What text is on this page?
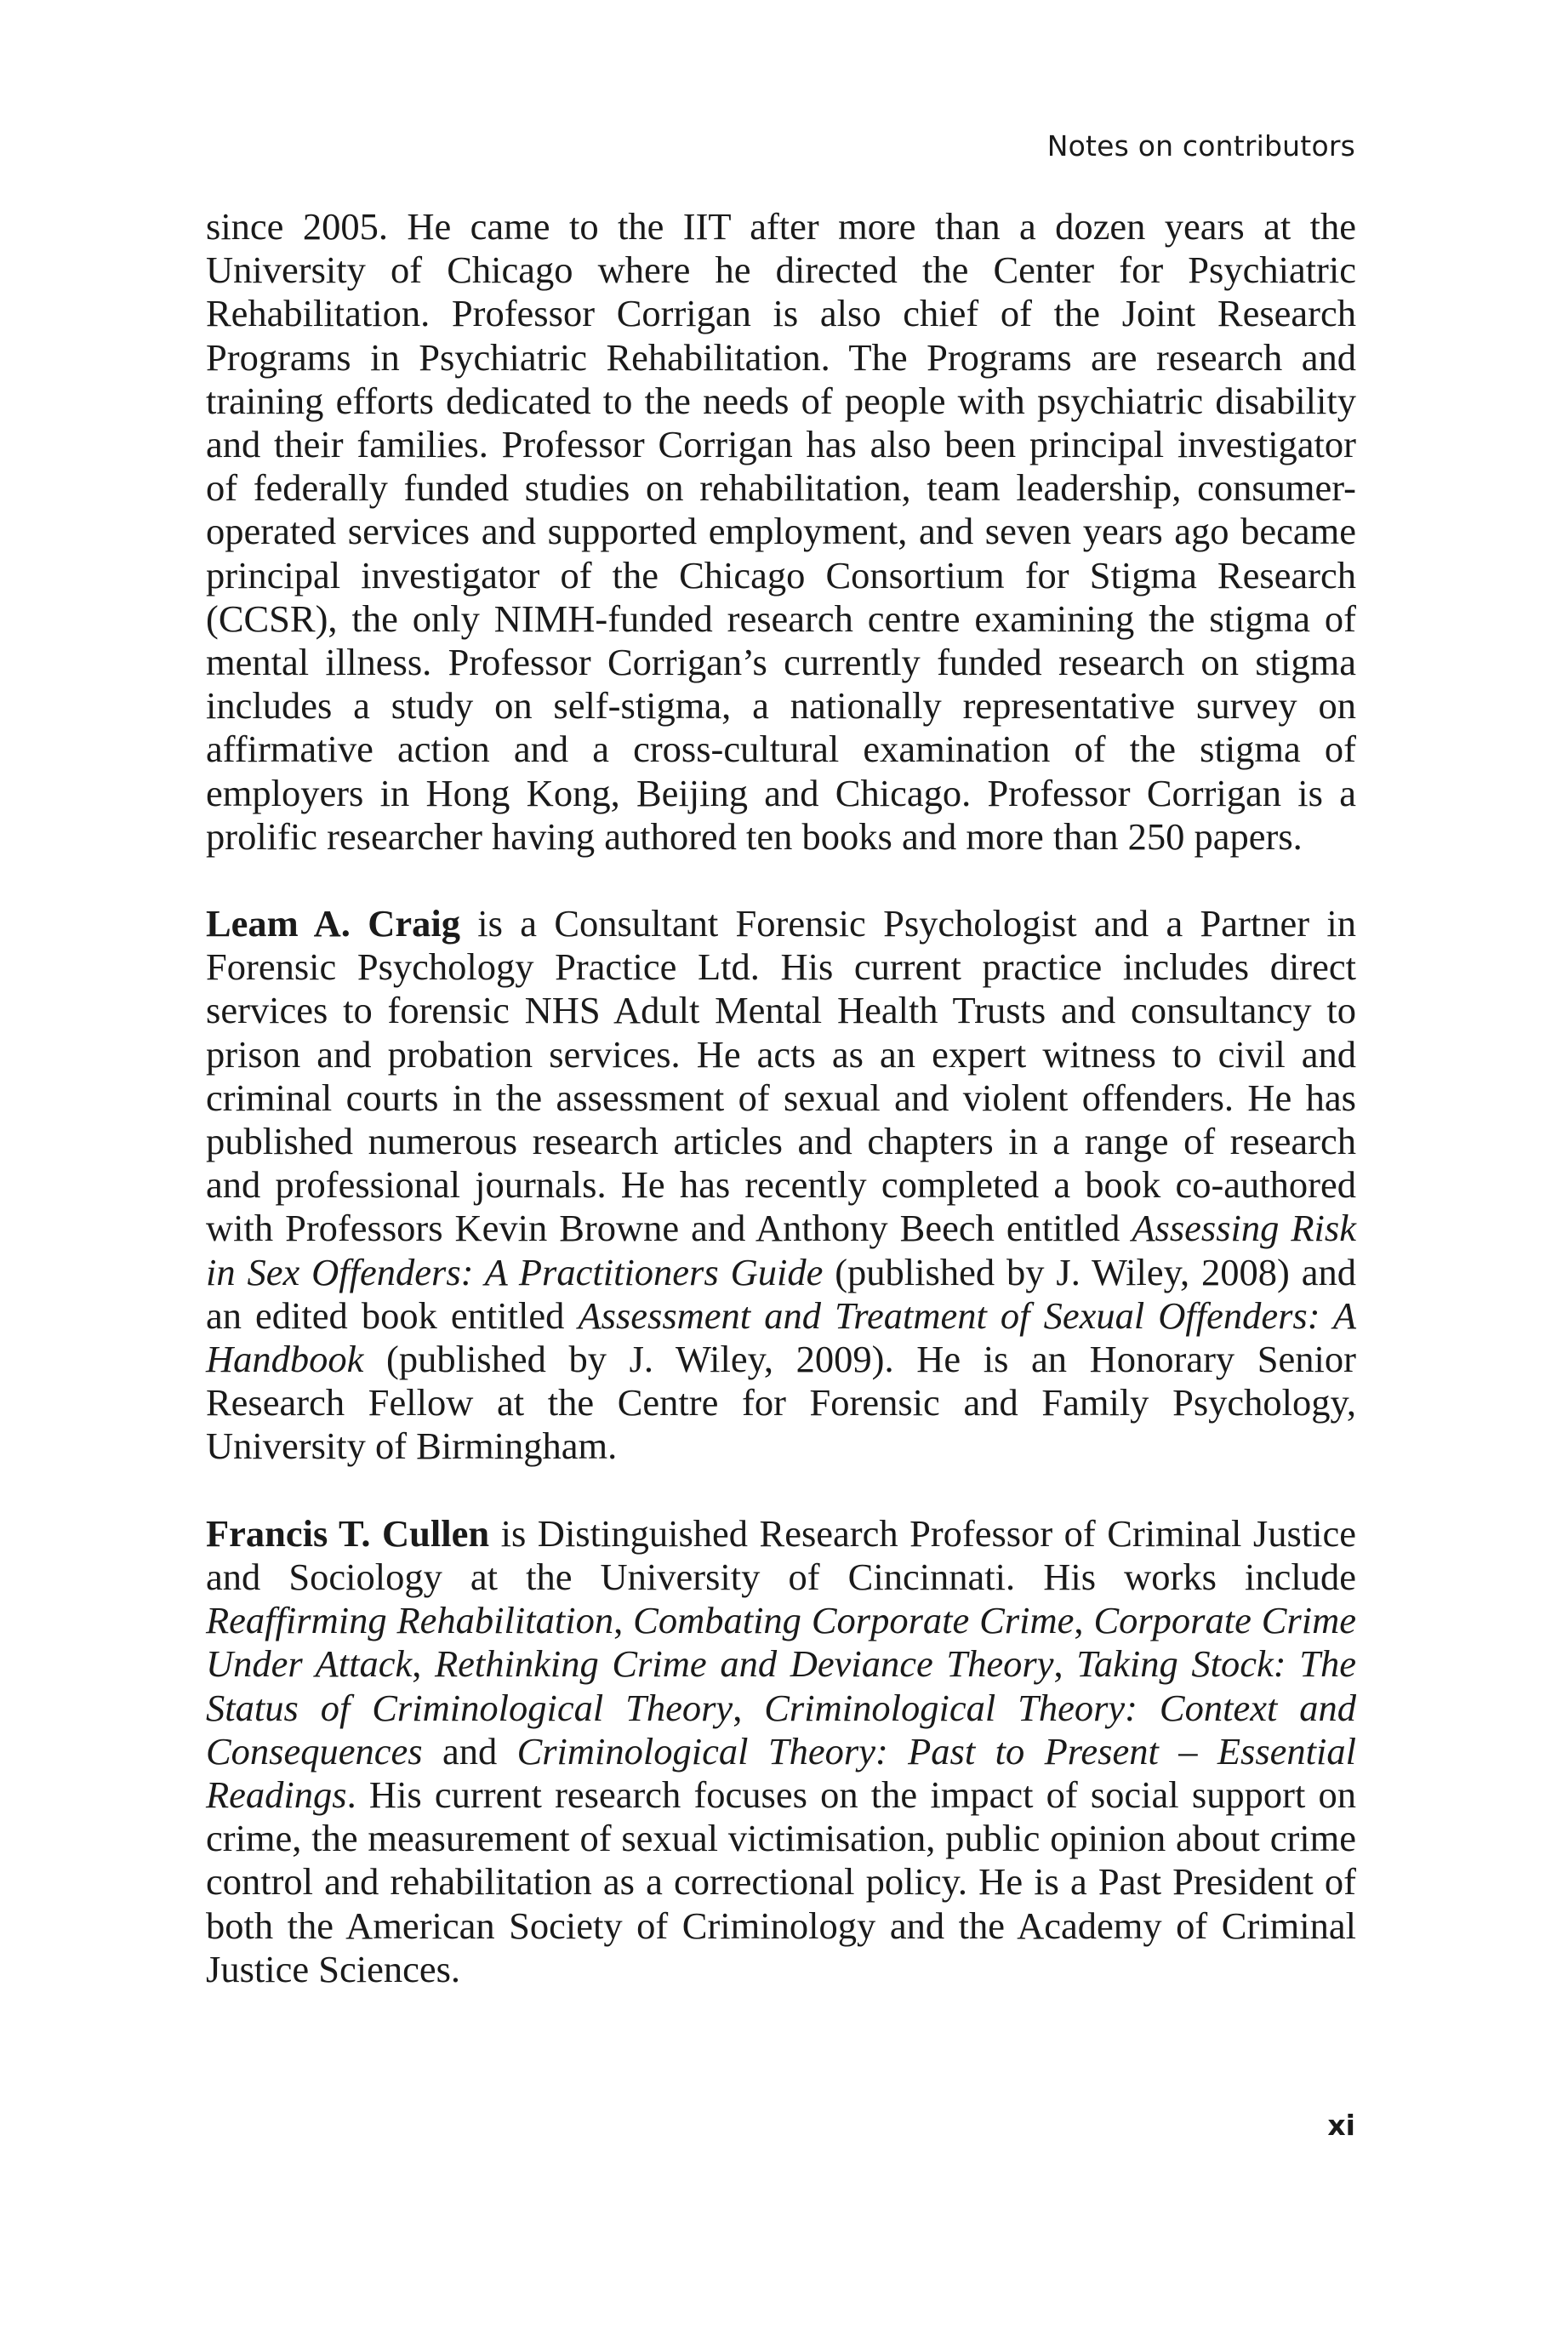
Notes on contributors

since 2005. He came to the IIT after more than a dozen years at the University of Chicago where he directed the Center for Psychiatric Rehabilitation. Professor Corrigan is also chief of the Joint Research Programs in Psychiatric Rehabilitation. The Programs are research and training efforts dedicated to the needs of people with psychiatric disability and their families. Professor Corrigan has also been principal investigator of federally funded studies on rehabilitation, team leadership, consumer-operated services and supported employment, and seven years ago became principal investigator of the Chicago Consortium for Stigma Research (CCSR), the only NIMH-funded research centre examining the stigma of mental illness. Professor Corrigan’s currently funded research on stigma includes a study on self-stigma, a nationally representative survey on affirmative action and a cross-cultural examination of the stigma of employers in Hong Kong, Beijing and Chicago. Professor Corrigan is a prolific researcher having authored ten books and more than 250 papers.

Leam A. Craig is a Consultant Forensic Psychologist and a Partner in Forensic Psychology Practice Ltd. His current practice includes direct services to forensic NHS Adult Mental Health Trusts and consultancy to prison and probation services. He acts as an expert witness to civil and criminal courts in the assessment of sexual and violent offenders. He has published numerous research articles and chapters in a range of research and professional journals. He has recently completed a book co-authored with Professors Kevin Browne and Anthony Beech entitled Assessing Risk in Sex Offenders: A Practitioners Guide (published by J. Wiley, 2008) and an edited book entitled Assessment and Treatment of Sexual Offenders: A Handbook (published by J. Wiley, 2009). He is an Honorary Senior Research Fellow at the Centre for Forensic and Family Psychology, University of Birmingham.

Francis T. Cullen is Distinguished Research Professor of Criminal Justice and Sociology at the University of Cincinnati. His works include Reaffirming Rehabilitation, Combating Corporate Crime, Corporate Crime Under Attack, Rethinking Crime and Deviance Theory, Taking Stock: The Status of Criminological Theory, Criminological Theory: Context and Consequences and Criminological Theory: Past to Present – Essential Readings. His current research focuses on the impact of social support on crime, the measurement of sexual victimisation, public opinion about crime control and rehabilitation as a correctional policy. He is a Past President of both the American Society of Criminology and the Academy of Criminal Justice Sciences.

xi
